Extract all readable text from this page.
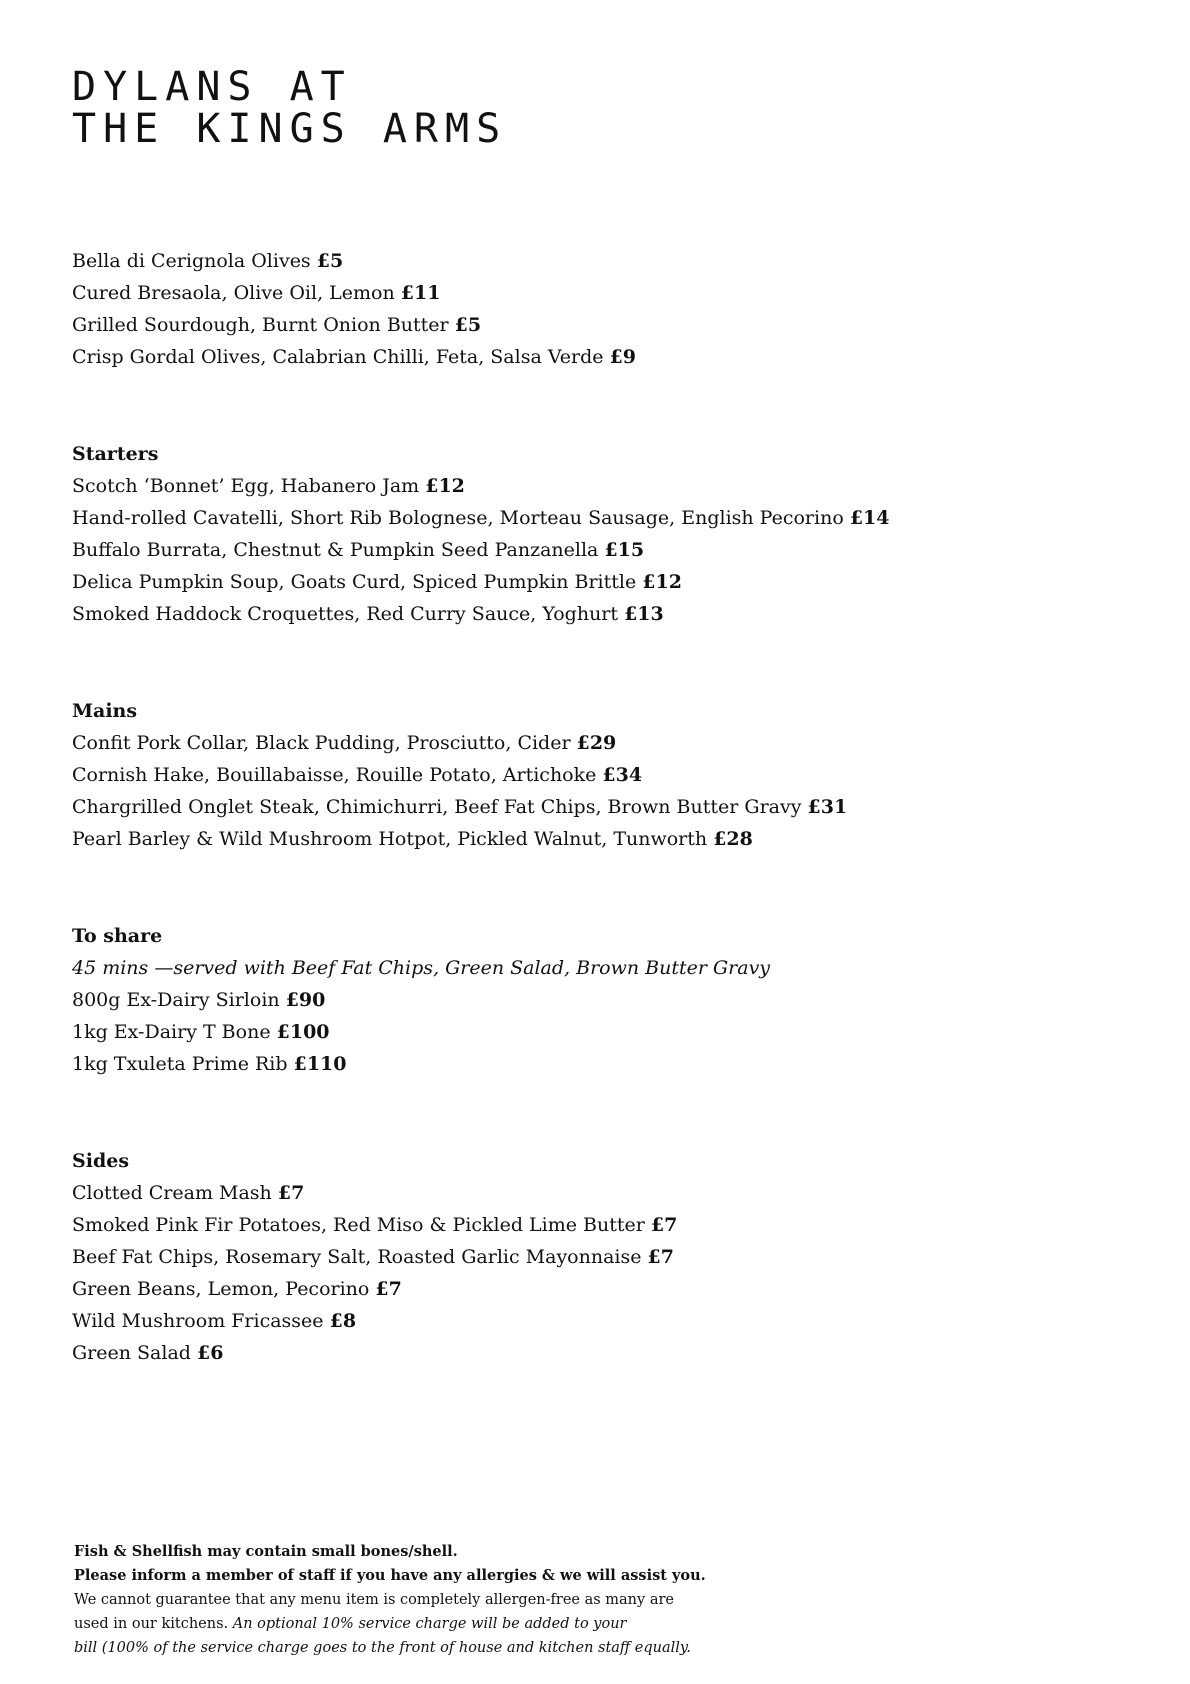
DYLANS AT
THE KINGS ARMS
Bella di Cerignola Olives £5
Cured Bresaola, Olive Oil, Lemon £11
Grilled Sourdough, Burnt Onion Butter £5
Crisp Gordal Olives, Calabrian Chilli, Feta, Salsa Verde £9
Starters
Scotch ‘Bonnet’ Egg, Habanero Jam £12
Hand-rolled Cavatelli, Short Rib Bolognese, Morteau Sausage, English Pecorino £14
Buffalo Burrata, Chestnut & Pumpkin Seed Panzanella £15
Delica Pumpkin Soup, Goats Curd, Spiced Pumpkin Brittle £12
Smoked Haddock Croquettes, Red Curry Sauce, Yoghurt £13
Mains
Confit Pork Collar, Black Pudding, Prosciutto, Cider £29
Cornish Hake, Bouillabaisse, Rouille Potato, Artichoke £34
Chargrilled Onglet Steak, Chimichurri, Beef Fat Chips, Brown Butter Gravy £31
Pearl Barley & Wild Mushroom Hotpot, Pickled Walnut, Tunworth £28
To share
45 mins —served with Beef Fat Chips, Green Salad, Brown Butter Gravy
800g Ex-Dairy Sirloin £90
1kg Ex-Dairy T Bone £100
1kg Txuleta Prime Rib £110
Sides
Clotted Cream Mash £7
Smoked Pink Fir Potatoes, Red Miso & Pickled Lime Butter £7
Beef Fat Chips, Rosemary Salt, Roasted Garlic Mayonnaise £7
Green Beans, Lemon, Pecorino £7
Wild Mushroom Fricassee £8
Green Salad £6
Fish & Shellfish may contain small bones/shell.
Please inform a member of staff if you have any allergies & we will assist you.
We cannot guarantee that any menu item is completely allergen-free as many are
used in our kitchens. An optional 10% service charge will be added to your
bill (100% of the service charge goes to the front of house and kitchen staff equally.
